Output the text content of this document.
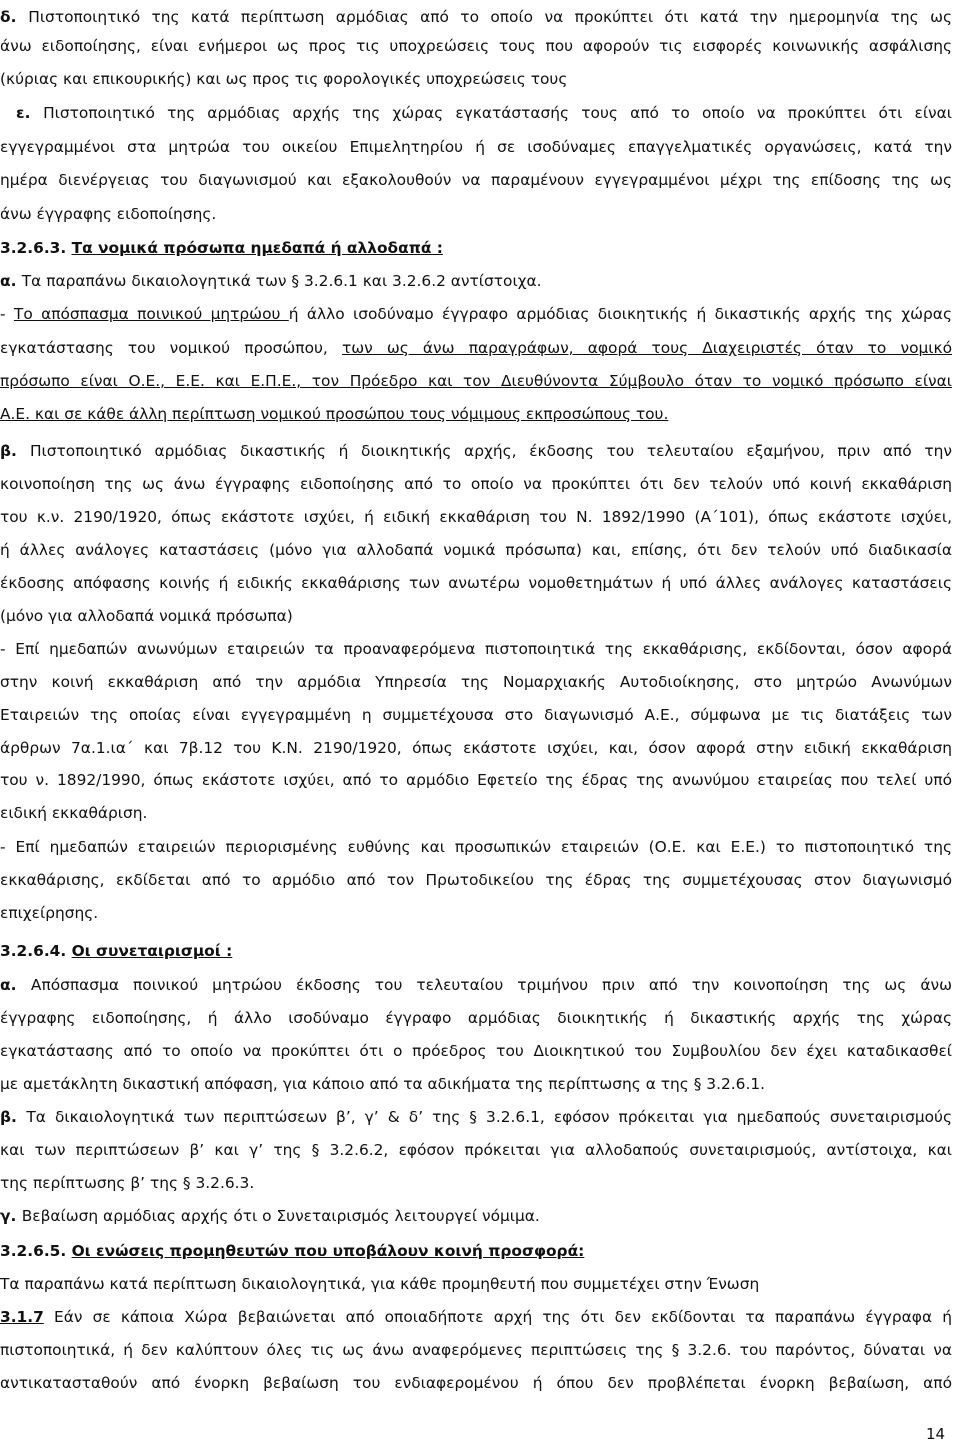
δ. Πιστοποιητικό της κατά περίπτωση αρμόδιας από το οποίο να προκύπτει ότι κατά την ημερομηνία της ως
άνω ειδοποίησης, είναι ενήμεροι ως προς τις υποχρεώσεις τους που αφορούν τις εισφορές κοινωνικής ασφάλισης
(κύριας και επικουρικής) και ως προς τις φορολογικές υποχρεώσεις τους
ε. Πιστοποιητικό της αρμόδιας αρχής της χώρας εγκατάστασής τους από το οποίο να προκύπτει ότι είναι
εγγεγραμμένοι στα μητρώα του οικείου Επιμελητηρίου ή σε ισοδύναμες επαγγελματικές οργανώσεις, κατά την
ημέρα διενέργειας του διαγωνισμού και εξακολουθούν να παραμένουν εγγεγραμμένοι μέχρι της επίδοσης της ως
άνω έγγραφης ειδοποίησης.
3.2.6.3. Τα νομικά πρόσωπα ημεδαπά ή αλλοδαπά :
α. Τα παραπάνω δικαιολογητικά των § 3.2.6.1 και 3.2.6.2 αντίστοιχα.
- Το απόσπασμα ποινικού μητρώου ή άλλο ισοδύναμο έγγραφο αρμόδιας διοικητικής ή δικαστικής αρχής της χώρας
εγκατάστασης του νομικού προσώπου, των ως άνω παραγράφων, αφορά τους Διαχειριστές όταν το νομικό
πρόσωπο είναι Ο.Ε., Ε.Ε. και Ε.Π.Ε., τον Πρόεδρο και τον Διευθύνοντα Σύμβουλο όταν το νομικό πρόσωπο είναι
Α.Ε. και σε κάθε άλλη περίπτωση νομικού προσώπου τους νόμιμους εκπροσώπους του.
β. Πιστοποιητικό αρμόδιας δικαστικής ή διοικητικής αρχής, έκδοσης του τελευταίου εξαμήνου, πριν από την
κοινοποίηση της ως άνω έγγραφης ειδοποίησης από το οποίο να προκύπτει ότι δεν τελούν υπό κοινή εκκαθάριση
του κ.ν. 2190/1920, όπως εκάστοτε ισχύει, ή ειδική εκκαθάριση του Ν. 1892/1990 (Α΄101), όπως εκάστοτε ισχύει,
ή άλλες ανάλογες καταστάσεις (μόνο για αλλοδαπά νομικά πρόσωπα) και, επίσης, ότι δεν τελούν υπό διαδικασία
έκδοσης απόφασης κοινής ή ειδικής εκκαθάρισης των ανωτέρω νομοθετημάτων ή υπό άλλες ανάλογες καταστάσεις
(μόνο για αλλοδαπά νομικά πρόσωπα)
- Επί ημεδαπών ανωνύμων εταιρειών τα προαναφερόμενα πιστοποιητικά της εκκαθάρισης, εκδίδονται, όσον αφορά
στην κοινή εκκαθάριση από την αρμόδια Υπηρεσία της Νομαρχιακής Αυτοδιοίκησης, στο μητρώο Ανωνύμων
Εταιρειών της οποίας είναι εγγεγραμμένη η συμμετέχουσα στο διαγωνισμό Α.Ε., σύμφωνα με τις διατάξεις των
άρθρων 7α.1.ια΄ και 7β.12 του Κ.Ν. 2190/1920, όπως εκάστοτε ισχύει, και, όσον αφορά στην ειδική εκκαθάριση
του ν. 1892/1990, όπως εκάστοτε ισχύει, από το αρμόδιο Εφετείο της έδρας της ανωνύμου εταιρείας που τελεί υπό
ειδική εκκαθάριση.
- Επί ημεδαπών εταιρειών περιορισμένης ευθύνης και προσωπικών εταιρειών (Ο.Ε. και Ε.Ε.) το πιστοποιητικό της
εκκαθάρισης, εκδίδεται από το αρμόδιο από τον Πρωτοδικείου της έδρας της συμμετέχουσας στον διαγωνισμό
επιχείρησης.
3.2.6.4. Οι συνεταιρισμοί :
α. Απόσπασμα ποινικού μητρώου έκδοσης του τελευταίου τριμήνου πριν από την κοινοποίηση της ως άνω
έγγραφης ειδοποίησης, ή άλλο ισοδύναμο έγγραφο αρμόδιας διοικητικής ή δικαστικής αρχής της χώρας
εγκατάστασης από το οποίο να προκύπτει ότι ο πρόεδρος του Διοικητικού του Συμβουλίου δεν έχει καταδικασθεί
με αμετάκλητη δικαστική απόφαση, για κάποιο από τα αδικήματα της περίπτωσης α της § 3.2.6.1.
β. Τα δικαιολογητικά των περιπτώσεων β’, γ’ & δ’ της § 3.2.6.1, εφόσον πρόκειται για ημεδαπούς συνεταιρισμούς
και των περιπτώσεων β’ και γ’ της § 3.2.6.2, εφόσον πρόκειται για αλλοδαπούς συνεταιρισμούς, αντίστοιχα, και
της περίπτωσης β’ της § 3.2.6.3.
γ. Βεβαίωση αρμόδιας αρχής ότι ο Συνεταιρισμός λειτουργεί νόμιμα.
3.2.6.5. Οι ενώσεις προμηθευτών που υποβάλουν κοινή προσφορά:
Τα παραπάνω κατά περίπτωση δικαιολογητικά, για κάθε προμηθευτή που συμμετέχει στην Ένωση
3.1.7 Εάν σε κάποια Χώρα βεβαιώνεται από οποιαδήποτε αρχή της ότι δεν εκδίδονται τα παραπάνω έγγραφα ή
πιστοποιητικά, ή δεν καλύπτουν όλες τις ως άνω αναφερόμενες περιπτώσεις της § 3.2.6. του παρόντος, δύναται να
αντικατασταθούν από ένορκη βεβαίωση του ενδιαφερομένου ή όπου δεν προβλέπεται ένορκη βεβαίωση, από
14
